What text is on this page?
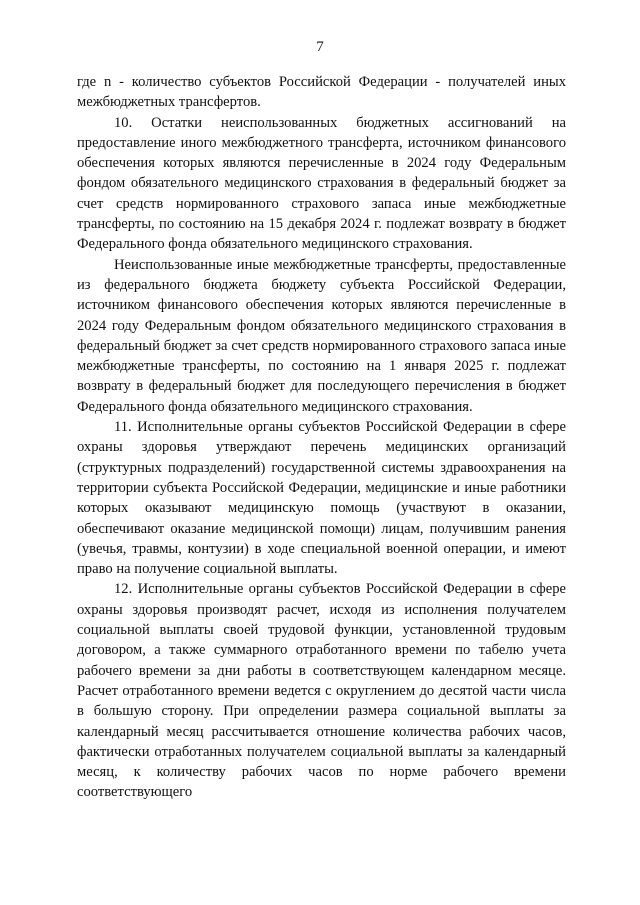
7

где n - количество субъектов Российской Федерации - получателей иных межбюджетных трансфертов.

10. Остатки неиспользованных бюджетных ассигнований на предоставление иного межбюджетного трансферта, источником финансового обеспечения которых являются перечисленные в 2024 году Федеральным фондом обязательного медицинского страхования в федеральный бюджет за счет средств нормированного страхового запаса иные межбюджетные трансферты, по состоянию на 15 декабря 2024 г. подлежат возврату в бюджет Федерального фонда обязательного медицинского страхования.

Неиспользованные иные межбюджетные трансферты, предоставленные из федерального бюджета бюджету субъекта Российской Федерации, источником финансового обеспечения которых являются перечисленные в 2024 году Федеральным фондом обязательного медицинского страхования в федеральный бюджет за счет средств нормированного страхового запаса иные межбюджетные трансферты, по состоянию на 1 января 2025 г. подлежат возврату в федеральный бюджет для последующего перечисления в бюджет Федерального фонда обязательного медицинского страхования.

11. Исполнительные органы субъектов Российской Федерации в сфере охраны здоровья утверждают перечень медицинских организаций (структурных подразделений) государственной системы здравоохранения на территории субъекта Российской Федерации, медицинские и иные работники которых оказывают медицинскую помощь (участвуют в оказании, обеспечивают оказание медицинской помощи) лицам, получившим ранения (увечья, травмы, контузии) в ходе специальной военной операции, и имеют право на получение социальной выплаты.

12. Исполнительные органы субъектов Российской Федерации в сфере охраны здоровья производят расчет, исходя из исполнения получателем социальной выплаты своей трудовой функции, установленной трудовым договором, а также суммарного отработанного времени по табелю учета рабочего времени за дни работы в соответствующем календарном месяце. Расчет отработанного времени ведется с округлением до десятой части числа в большую сторону. При определении размера социальной выплаты за календарный месяц рассчитывается отношение количества рабочих часов, фактически отработанных получателем социальной выплаты за календарный месяц, к количеству рабочих часов по норме рабочего времени соответствующего
